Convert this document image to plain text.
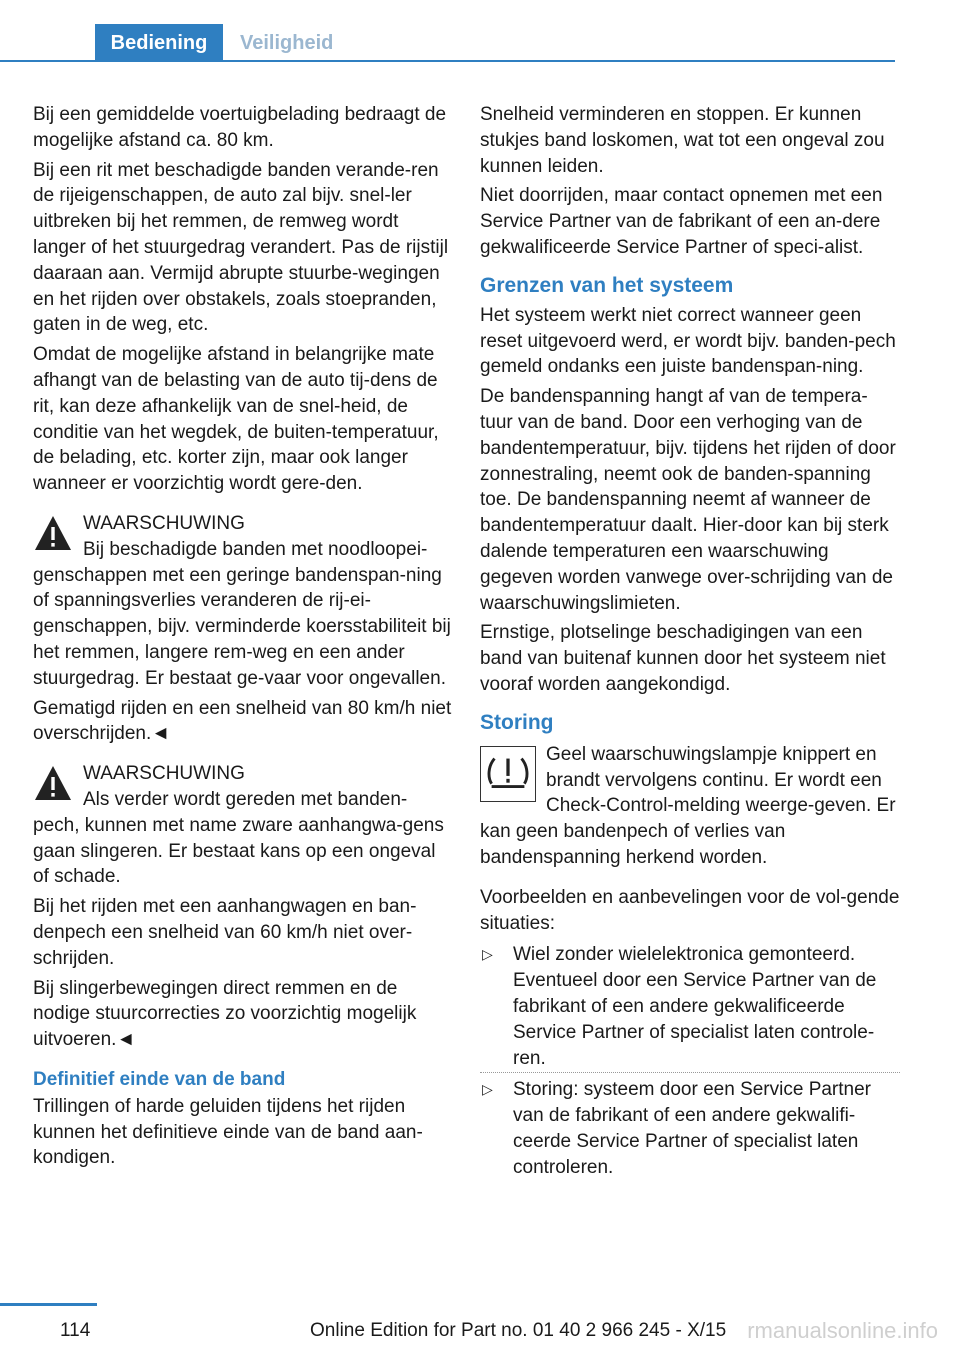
Bediening	Veiligheid

Bij een gemiddelde voertuigbelading bedraagt de mogelijke afstand ca. 80 km.

Bij een rit met beschadigde banden verande-ren de rijeigenschappen, de auto zal bijv. snel-ler uitbreken bij het remmen, de remweg wordt langer of het stuurgedrag verandert. Pas de rijstijl daaraan aan. Vermijd abrupte stuurbe-wegingen en het rijden over obstakels, zoals stoepranden, gaten in de weg, etc.

Omdat de mogelijke afstand in belangrijke mate afhangt van de belasting van de auto tij-dens de rit, kan deze afhankelijk van de snel-heid, de conditie van het wegdek, de buiten-temperatuur, de belading, etc. korter zijn, maar ook langer wanneer er voorzichtig wordt gere-den.

WAARSCHUWING
Bij beschadigde banden met noodloopei-genschappen met een geringe bandenspan-ning of spanningsverlies veranderen de rij-ei-genschappen, bijv. verminderde koersstabiliteit bij het remmen, langere rem-weg en een ander stuurgedrag. Er bestaat ge-vaar voor ongevallen.

Gematigd rijden en een snelheid van 80 km/h niet overschrijden.◄

WAARSCHUWING
Als verder wordt gereden met banden-pech, kunnen met name zware aanhangwa-gens gaan slingeren. Er bestaat kans op een ongeval of schade.

Bij het rijden met een aanhangwagen en ban-denpech een snelheid van 60 km/h niet over-schrijden.

Bij slingerbewegingen direct remmen en de nodige stuurcorrecties zo voorzichtig mogelijk uitvoeren.◄

Definitief einde van de band

Trillingen of harde geluiden tijdens het rijden kunnen het definitieve einde van de band aan-kondigen.

Snelheid verminderen en stoppen. Er kunnen stukjes band loskomen, wat tot een ongeval zou kunnen leiden.

Niet doorrijden, maar contact opnemen met een Service Partner van de fabrikant of een an-dere gekwalificeerde Service Partner of speci-alist.

Grenzen van het systeem

Het systeem werkt niet correct wanneer geen reset uitgevoerd werd, er wordt bijv. banden-pech gemeld ondanks een juiste bandenspan-ning.

De bandenspanning hangt af van de tempera-tuur van de band. Door een verhoging van de bandentemperatuur, bijv. tijdens het rijden of door zonnestraling, neemt ook de banden-spanning toe. De bandenspanning neemt af wanneer de bandentemperatuur daalt. Hier-door kan bij sterk dalende temperaturen een waarschuwing gegeven worden vanwege over-schrijding van de waarschuwingslimieten.

Ernstige, plotselinge beschadigingen van een band van buitenaf kunnen door het systeem niet vooraf worden aangekondigd.

Storing
Geel waarschuwingslampje knippert en brandt vervolgens continu. Er wordt een Check-Control-melding weerge-geven. Er kan geen bandenpech of verlies van bandenspanning herkend worden.

Voorbeelden en aanbevelingen voor de vol-gende situaties:

▷ Wiel zonder wielelektronica gemonteerd. Eventueel door een Service Partner van de fabrikant of een andere gekwalificeerde Service Partner of specialist laten controle-ren.
▷ Storing: systeem door een Service Partner van de fabrikant of een andere gekwalifi-ceerde Service Partner of specialist laten controleren.
114	Online Edition for Part no. 01 40 2 966 245 - X/15 rmanualsonline.info
